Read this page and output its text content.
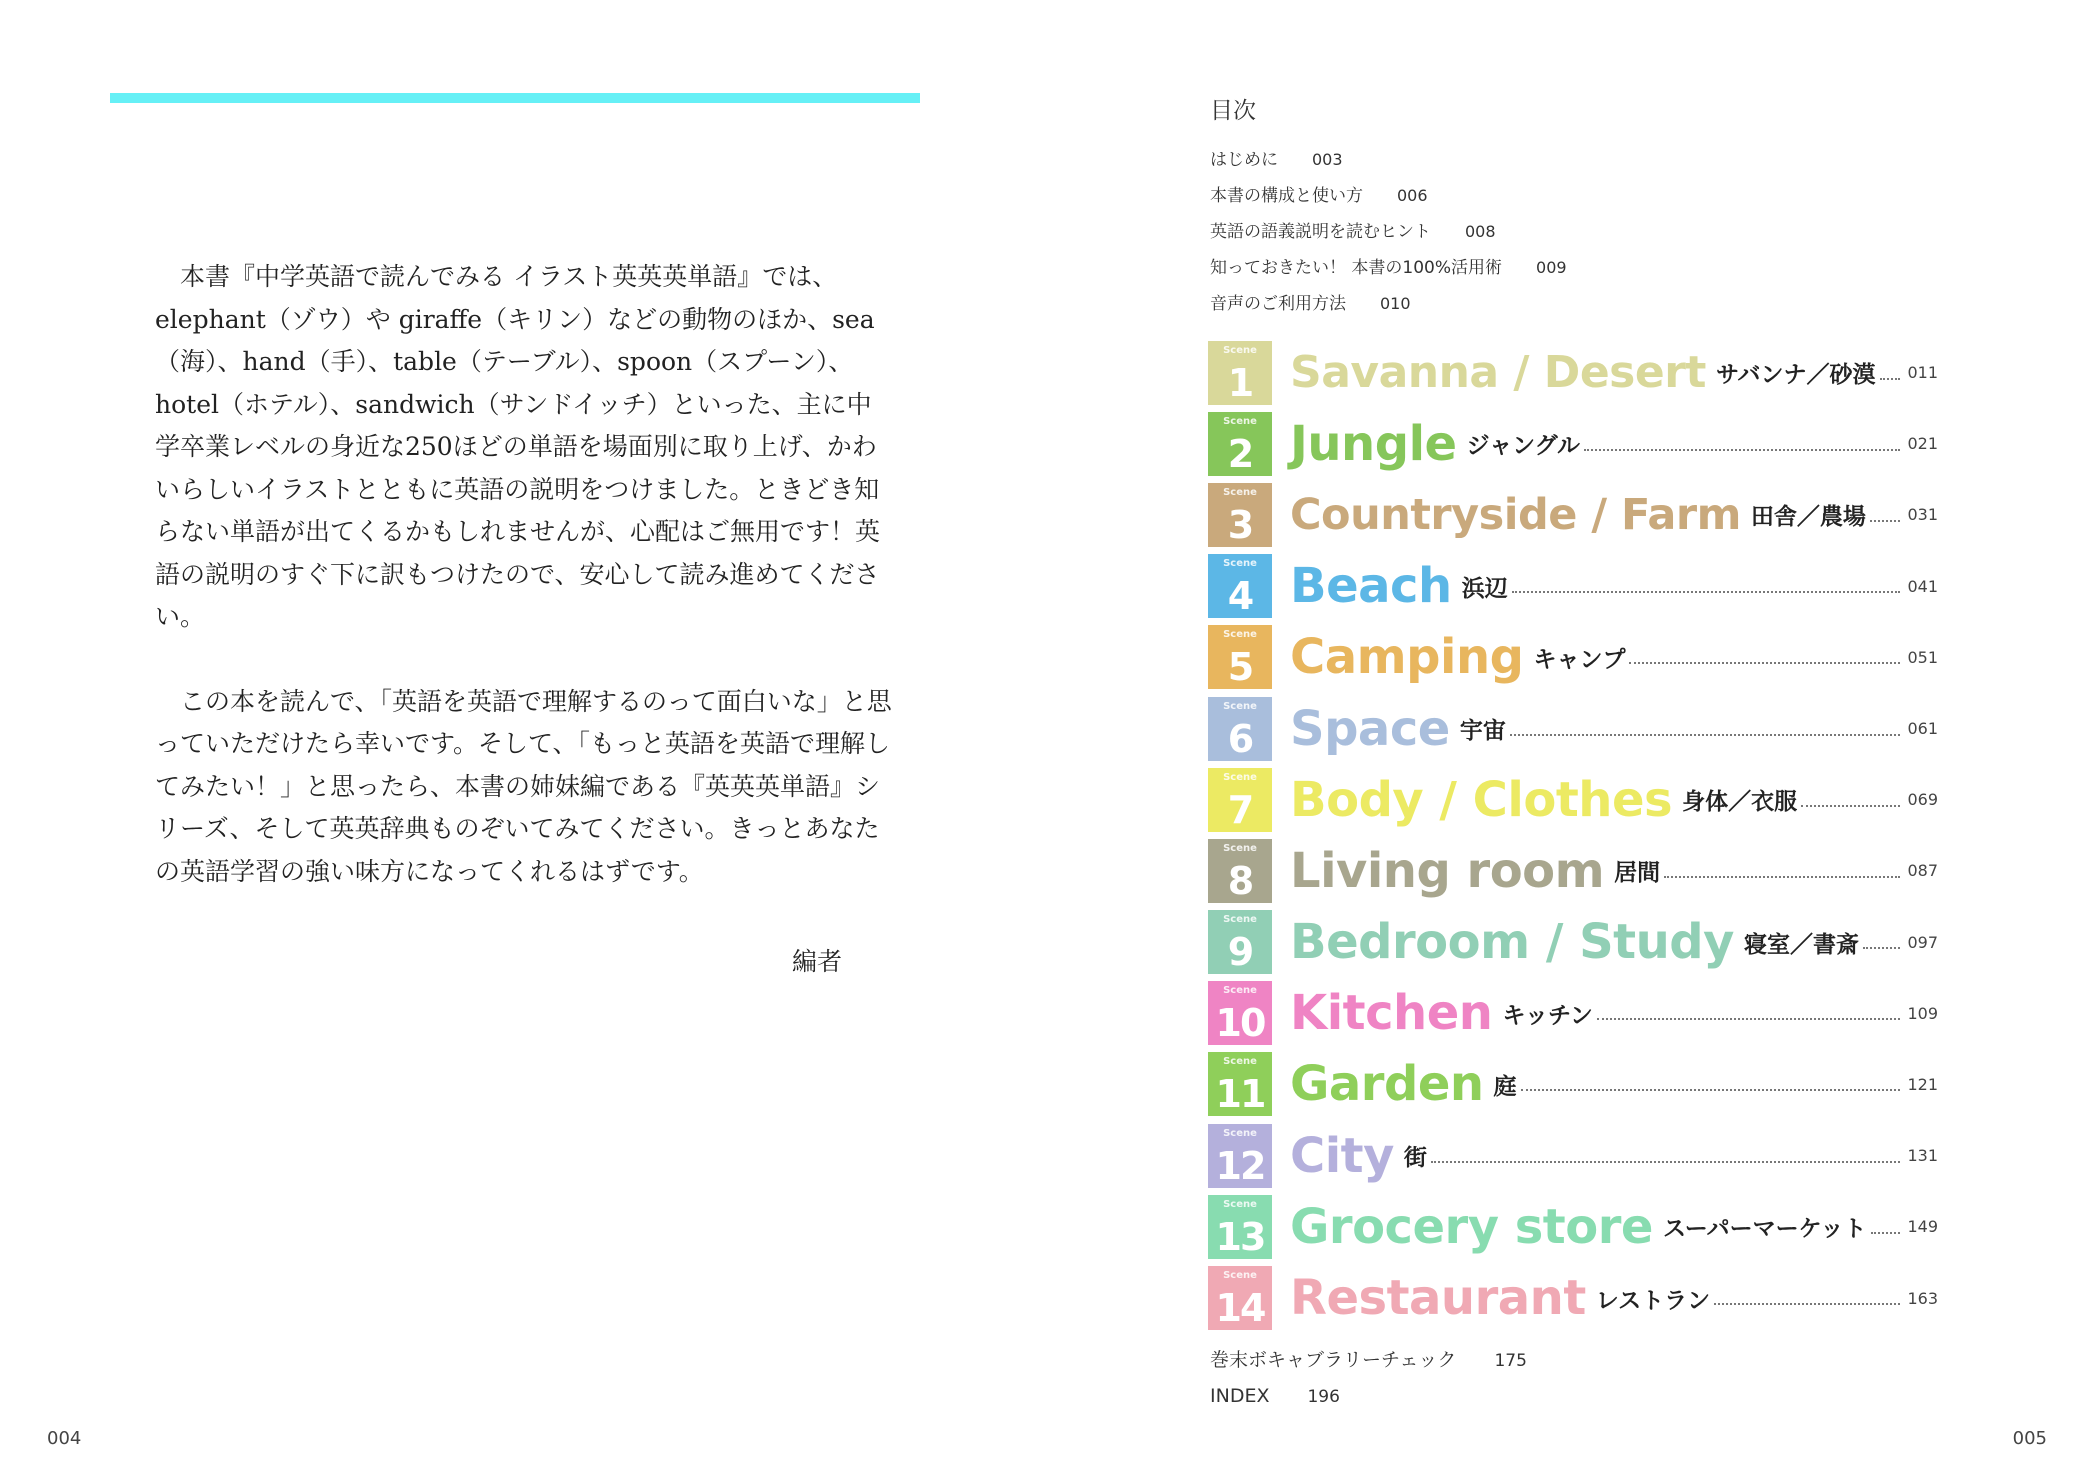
本書『中学英語で読んでみる イラスト英英英単語』では、elephant（ゾウ）や giraffe（キリン）などの動物のほか、sea（海）、hand（手）、table（テーブル）、spoon（スプーン）、hotel（ホテル）、sandwich（サンドイッチ）といった、主に中学卒業レベルの身近な250ほどの単語を場面別に取り上げ、かわいらしいイラストとともに英語の説明をつけました。ときどき知らない単語が出てくるかもしれませんが、心配はご無用です！英語の説明のすぐ下に訳もつけたので、安心して読み進めてください。

この本を読んで、「英語を英語で理解するのって面白いな」と思っていただけたら幸いです。そして、「もっと英語を英語で理解してみたい！」と思ったら、本書の姉妹編である『英英英単語』シリーズ、そして英英辞典ものぞいてみてください。きっとあなたの英語学習の強い味方になってくれるはずです。

編者
004
目次
はじめに 003
本書の構成と使い方 006
英語の語義説明を読むヒント 008
知っておきたい！ 本書の100%活用術 009
音声のご利用方法 010
Scene
1 Savanna / Desert サバンナ／砂漠 011
Scene
2 Jungle ジャングル	021
Scene
3 Countryside / Farm 田舎／農場	031
Scene
4 Beach 浜辺	041
Scene
5 Camping キャンプ	051
Scene
6 Space 宇宙	061
Scene
7 Body / Clothes 身体／衣服	069
Scene
8 Living room 居間	087
Scene
9 Bedroom / Study 寝室／書斎	097
Scene
10 Kitchen キッチン	109
Scene
11 Garden 庭	121
Scene
12 City 街	131
Scene
13 Grocery store スーパーマーケット	149
Scene
14 Restaurant レストラン	163
巻末ボキャブラリーチェック 175
INDEX 196
005
